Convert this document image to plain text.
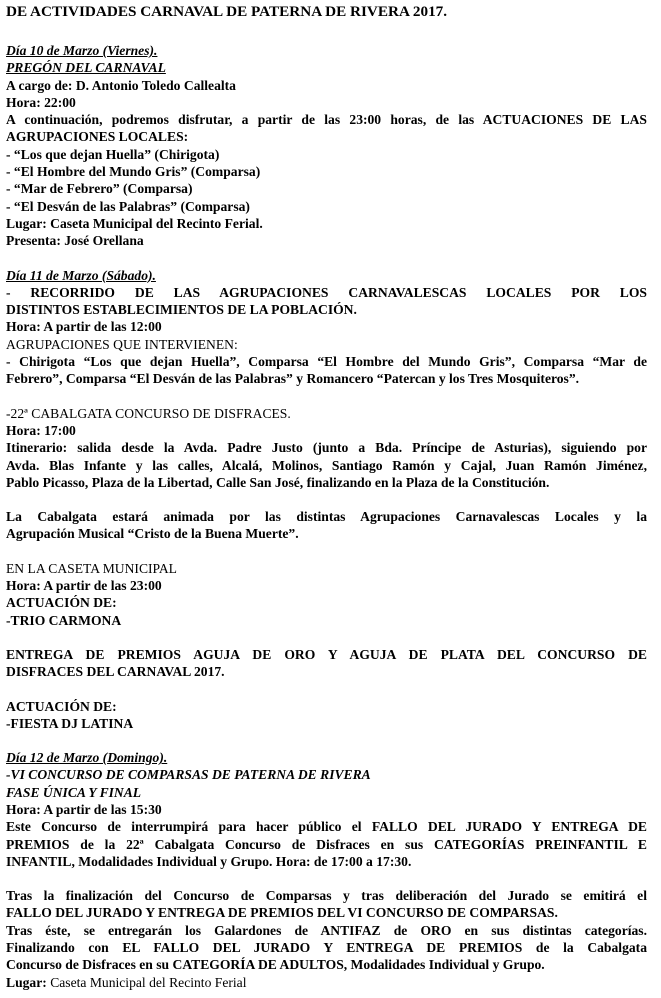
DE ACTIVIDADES CARNAVAL DE PATERNA DE RIVERA 2017.
Día 10 de Marzo (Viernes).
PREGÓN DEL CARNAVAL
A cargo de: D. Antonio Toledo Callealta
Hora: 22:00
A continuación, podremos disfrutar, a partir de las 23:00 horas, de las ACTUACIONES DE LAS
AGRUPACIONES LOCALES:
- “Los que dejan Huella” (Chirigota)
- “El Hombre del Mundo Gris” (Comparsa)
- “Mar de Febrero” (Comparsa)
- “El Desván de las Palabras” (Comparsa)
Lugar: Caseta Municipal del Recinto Ferial.
Presenta: José Orellana
Día 11 de Marzo (Sábado).
- RECORRIDO DE LAS AGRUPACIONES CARNAVALESCAS LOCALES POR LOS
DISTINTOS ESTABLECIMIENTOS DE LA POBLACIÓN.
Hora: A partir de las 12:00
AGRUPACIONES QUE INTERVIENEN:
- Chirigota “Los que dejan Huella”, Comparsa “El Hombre del Mundo Gris”, Comparsa “Mar de
Febrero”, Comparsa “El Desván de las Palabras” y Romancero “Patercan y los Tres Mosquiteros”.
-22ª CABALGATA CONCURSO DE DISFRACES.
Hora: 17:00
Itinerario: salida desde la Avda. Padre Justo (junto a Bda. Príncipe de Asturias), siguiendo por
Avda. Blas Infante y las calles, Alcalá, Molinos, Santiago Ramón y Cajal, Juan Ramón Jiménez,
Pablo Picasso, Plaza de la Libertad, Calle San José, finalizando en la Plaza de la Constitución.
La Cabalgata estará animada por las distintas Agrupaciones Carnavalescas Locales y la
Agrupación Musical “Cristo de la Buena Muerte”.
EN LA CASETA MUNICIPAL
Hora: A partir de las 23:00
ACTUACIÓN DE:
-TRIO CARMONA
ENTREGA DE PREMIOS AGUJA DE ORO Y AGUJA DE PLATA DEL CONCURSO DE
DISFRACES DEL CARNAVAL 2017.
ACTUACIÓN DE:
-FIESTA DJ LATINA
Día 12 de Marzo (Domingo).
-VI CONCURSO DE COMPARSAS DE PATERNA DE RIVERA
FASE ÚNICA Y FINAL
Hora: A partir de las 15:30
Este Concurso de interrumpirá para hacer público el FALLO DEL JURADO Y ENTREGA DE
PREMIOS de la 22ª Cabalgata Concurso de Disfraces en sus CATEGORÍAS PREINFANTIL E
INFANTIL, Modalidades Individual y Grupo. Hora: de 17:00 a 17:30.
Tras la finalización del Concurso de Comparsas y tras deliberación del Jurado se emitirá el
FALLO DEL JURADO Y ENTREGA DE PREMIOS DEL VI CONCURSO DE COMPARSAS.
Tras éste, se entregarán los Galardones de ANTIFAZ de ORO en sus distintas categorías.
Finalizando con EL FALLO DEL JURADO Y ENTREGA DE PREMIOS de la Cabalgata
Concurso de Disfraces en su CATEGORÍA DE ADULTOS, Modalidades Individual y Grupo.
Lugar: Caseta Municipal del Recinto Ferial
